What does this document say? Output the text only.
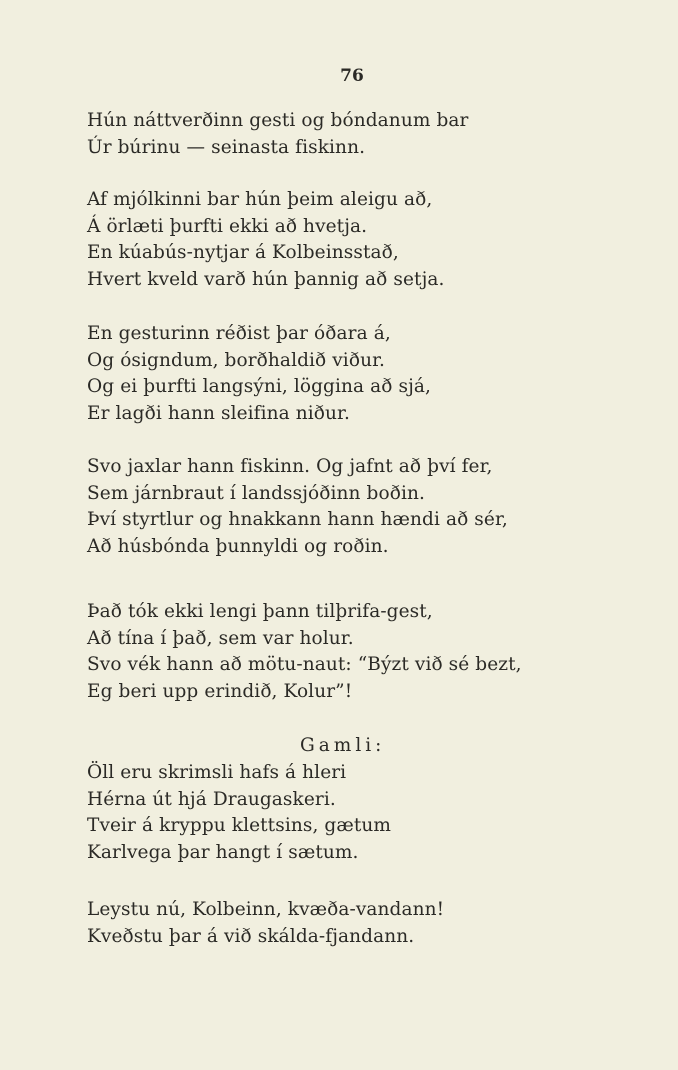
76
Hún náttverðinn gesti og bóndanum bar
Úr búrinu — seinasta fiskinn.
Af mjólkinni bar hún þeim aleigu að,
Á örlæti þurfti ekki að hvetja.
En kúabús-nytjar á Kolbeinsstað,
Hvert kveld varð hún þannig að setja.
En gesturinn réðist þar óðara á,
Og ósigndum, borðhaldið viður.
Og ei þurfti langsýni, löggina að sjá,
Er lagði hann sleifina niður.
Svo jaxlar hann fiskinn. Og jafnt að því fer,
Sem járnbraut í landssjóðinn boðin.
Því styrtlur og hnakkann hann hændi að sér,
Að húsbónda þunnyldi og roðin.
Það tók ekki lengi þann tilþrifa-gest,
Að tína í það, sem var holur.
Svo vék hann að mötu-naut: “Býzt við sé bezt,
Eg beri upp erindið, Kolur”!
Gamli:
Öll eru skrimsli hafs á hleri
Hérna út hjá Draugaskeri.
Tveir á kryppu klettsins, gætum
Karlvega þar hangt í sætum.
Leystu nú, Kolbeinn, kvæða-vandann!
Kveðstu þar á við skálda-fjandann.
